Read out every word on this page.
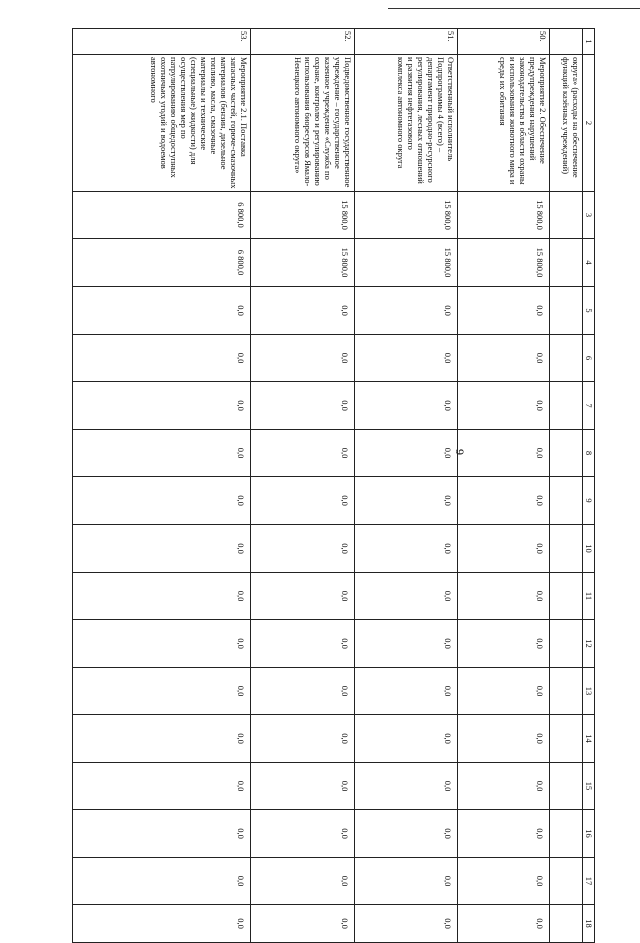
9
1	2	3	4	5	6	7	8	9	10	11	12	13	14	15	16	17	18
	округа» (расходы на обеспечение функций казённых учреждений)																
50.	Мероприятие 2. Обеспечение предупреждения нарушений законодательства в области охраны и использования животного мира и среды их обитания	15 800,0	15 800,0	0,0	0,0	0,0	0,0	0,0	0,0	0,0	0,0	0,0	0,0	0,0	0,0	0,0	0,0
51.	Ответственный исполнитель Подпрограммы 4 (всего) – департамент природно-ресурсного регулирования, лесных отношений и развития нефтегазового комплекса автономного округа	15 800,0	15 800,0	0,0	0,0	0,0	0,0	0,0	0,0	0,0	0,0	0,0	0,0	0,0	0,0	0,0	0,0
52.	Подведомственное государственное учреждение – государственное казенное учреждение «Служба по охране, контролю и регулированию использования биоресурсов Ямало-Ненецкого автономного округа»	15 800,0	15 800,0	0,0	0,0	0,0	0,0	0,0	0,0	0,0	0,0	0,0	0,0	0,0	0,0	0,0	0,0
53.	Мероприятие 2.1. Поставка запасных частей, горюче-смазочных материалов (бензин, дизельное топливо, масла, смазочные материалы и технические (специальные) жидкости) для осуществления мер по патрулированию общедоступных охотничьих угодий и водоемов автономного	6 800,0	6 800,0	0,0	0,0	0,0	0,0	0,0	0,0	0,0	0,0	0,0	0,0	0,0	0,0	0,0	0,0
